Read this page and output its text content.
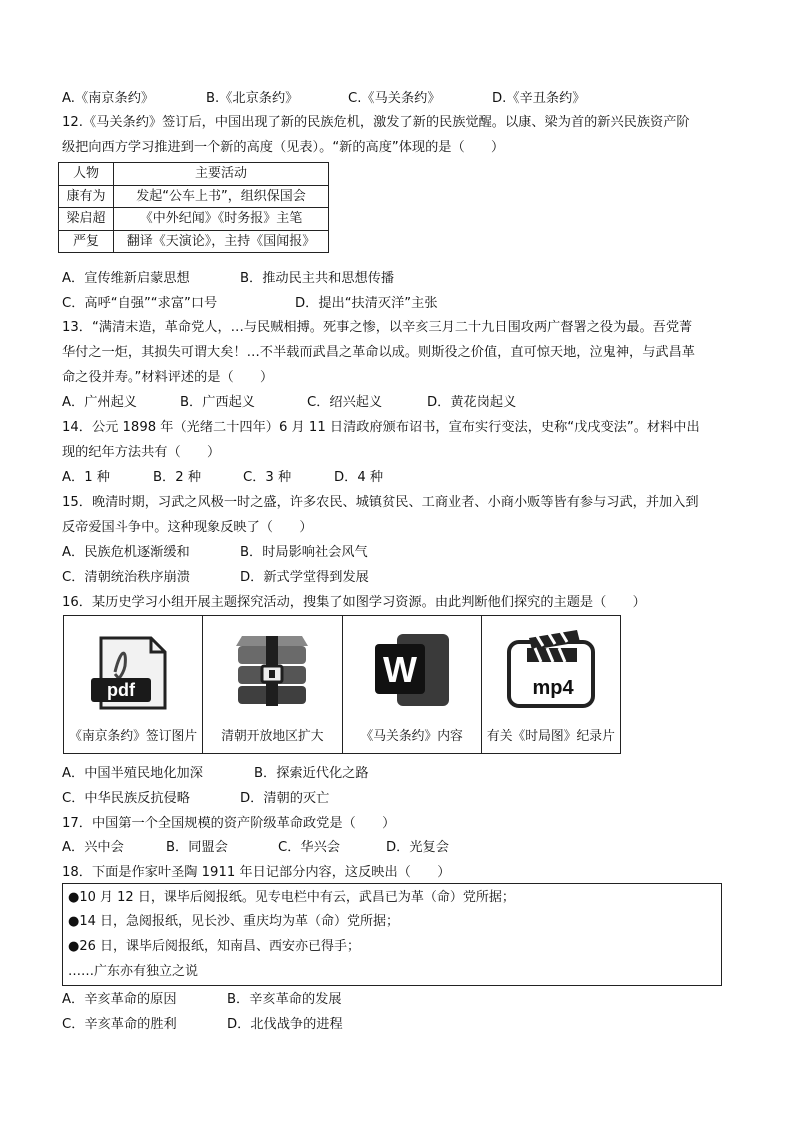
A.《南京条约》	B.《北京条约》	C.《马关条约》	D.《辛丑条约》
12.《马关条约》签订后，中国出现了新的民族危机，激发了新的民族觉醒。以康、梁为首的新兴民族资产阶
级把向西方学习推进到一个新的高度（见表）。“新的高度”体现的是（　　）
人物	主要活动
康有为	发起“公车上书”，组织保国会
梁启超	《中外纪闻》《时务报》主笔
严复	翻译《天演论》，主持《国闻报》
A．宣传维新启蒙思想	B．推动民主共和思想传播
C．高呼“自强”“求富”口号	D．提出“扶清灭洋”主张
13．“满清末造，革命党人，…与民贼相搏。死事之惨，以辛亥三月二十九日围攻两广督署之役为最。吾党菁
华付之一炬，其损失可谓大矣！…不半载而武昌之革命以成。则斯役之价值，直可惊天地，泣鬼神，与武昌革
命之役并寿。”材料评述的是（　　）
A．广州起义	B．广西起义	C．绍兴起义	D．黄花岗起义
14．公元 1898 年（光绪二十四年）6 月 11 日清政府颁布诏书，宣布实行变法，史称“戊戌变法”。材料中出
现的纪年方法共有（　　）
A．1 种	B．2 种	C．3 种	D．4 种
15．晚清时期，习武之风极一时之盛，许多农民、城镇贫民、工商业者、小商小贩等皆有参与习武，并加入到
反帝爱国斗争中。这种现象反映了（　　）
A．民族危机逐渐缓和	B．时局影响社会风气
C．清朝统治秩序崩溃	D．新式学堂得到发展
16．某历史学习小组开展主题探究活动，搜集了如图学习资源。由此判断他们探究的主题是（　　）
pdf
《南京条约》签订图片	清朝开放地区扩大
W
《马关条约》内容
mp4
有关《时局图》纪录片
A．中国半殖民地化加深	B．探索近代化之路
C．中华民族反抗侵略	D．清朝的灭亡
17．中国第一个全国规模的资产阶级革命政党是（　　）
A．兴中会	B．同盟会	C．华兴会	D．光复会
18．下面是作家叶圣陶 1911 年日记部分内容，这反映出（　　）
●10 月 12 日，课毕后阅报纸。见专电栏中有云，武昌已为革（命）党所据；
●14 日，急阅报纸，见长沙、重庆均为革（命）党所据；
●26 日，课毕后阅报纸，知南昌、西安亦已得手；
……广东亦有独立之说
A．辛亥革命的原因	B．辛亥革命的发展
C．辛亥革命的胜利	D．北伐战争的进程
